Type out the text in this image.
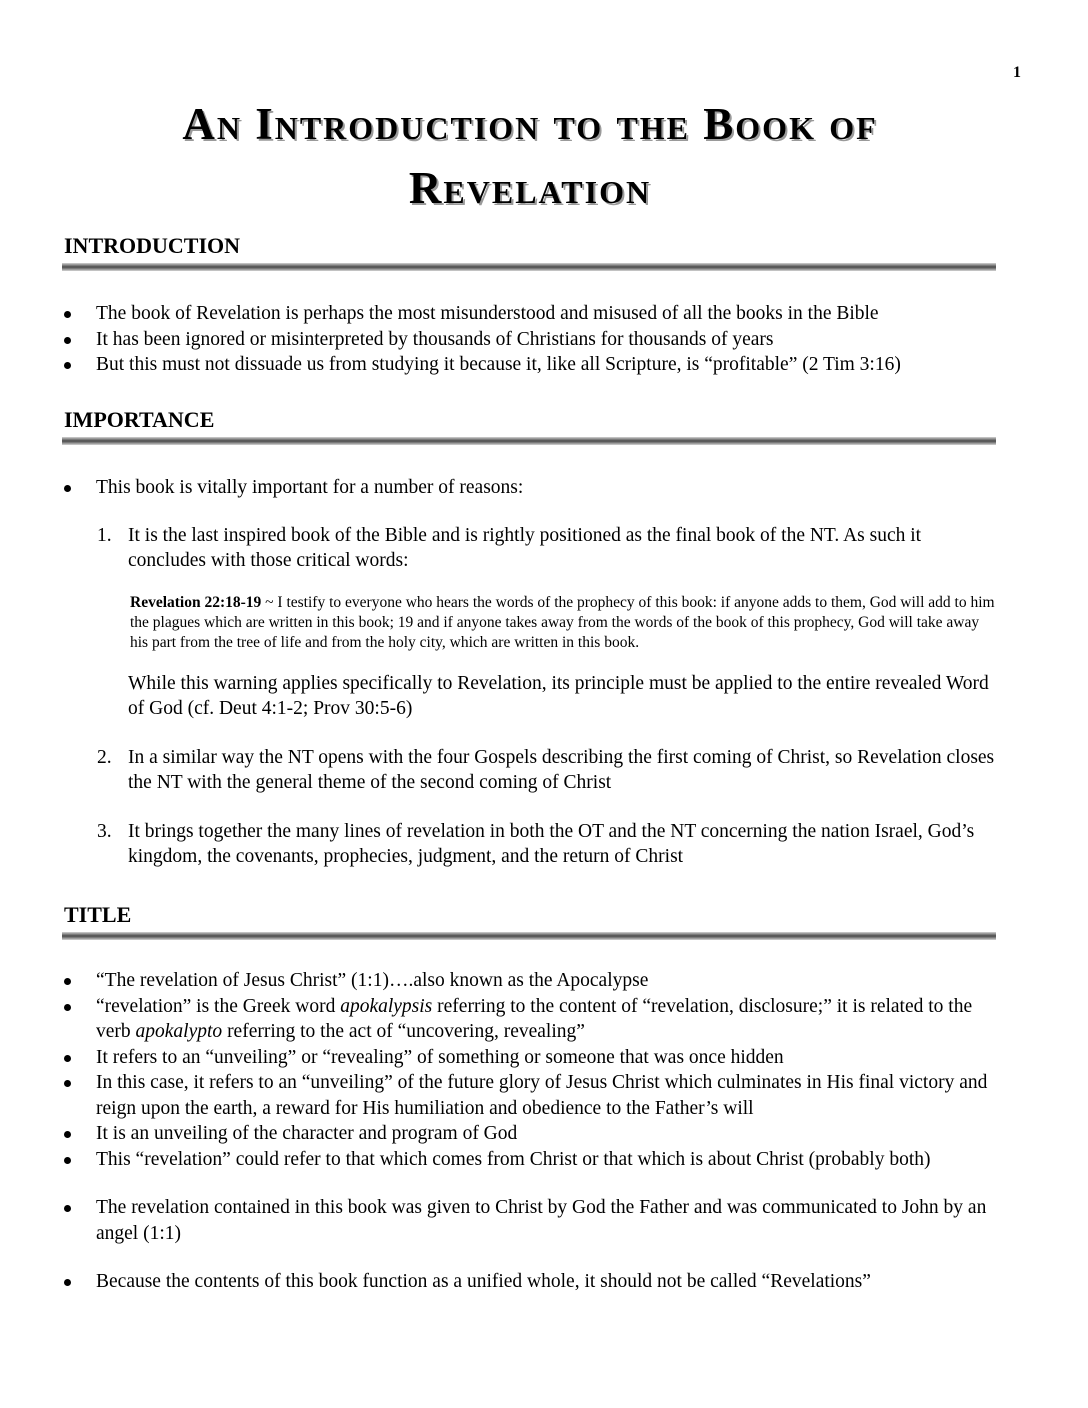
1
An Introduction to the Book of
Revelation
INTRODUCTION
The book of Revelation is perhaps the most misunderstood and misused of all the books in the Bible
It has been ignored or misinterpreted by thousands of Christians for thousands of years
But this must not dissuade us from studying it because it, like all Scripture, is “profitable” (2 Tim 3:16)
IMPORTANCE
This book is vitally important for a number of reasons:
1. It is the last inspired book of the Bible and is rightly positioned as the final book of the NT. As such it concludes with those critical words:
Revelation 22:18-19 ~ I testify to everyone who hears the words of the prophecy of this book: if anyone adds to them, God will add to him the plagues which are written in this book; 19 and if anyone takes away from the words of the book of this prophecy, God will take away his part from the tree of life and from the holy city, which are written in this book.
While this warning applies specifically to Revelation, its principle must be applied to the entire revealed Word of God (cf. Deut 4:1-2; Prov 30:5-6)
2. In a similar way the NT opens with the four Gospels describing the first coming of Christ, so Revelation closes the NT with the general theme of the second coming of Christ
3. It brings together the many lines of revelation in both the OT and the NT concerning the nation Israel, God’s kingdom, the covenants, prophecies, judgment, and the return of Christ
TITLE
“The revelation of Jesus Christ” (1:1)….also known as the Apocalypse
“revelation” is the Greek word apokalypsis referring to the content of “revelation, disclosure;” it is related to the verb apokalypto referring to the act of “uncovering, revealing”
It refers to an “unveiling” or “revealing” of something or someone that was once hidden
In this case, it refers to an “unveiling” of the future glory of Jesus Christ which culminates in His final victory and reign upon the earth, a reward for His humiliation and obedience to the Father’s will
It is an unveiling of the character and program of God
This “revelation” could refer to that which comes from Christ or that which is about Christ (probably both)
The revelation contained in this book was given to Christ by God the Father and was communicated to John by an angel (1:1)
Because the contents of this book function as a unified whole, it should not be called “Revelations”
